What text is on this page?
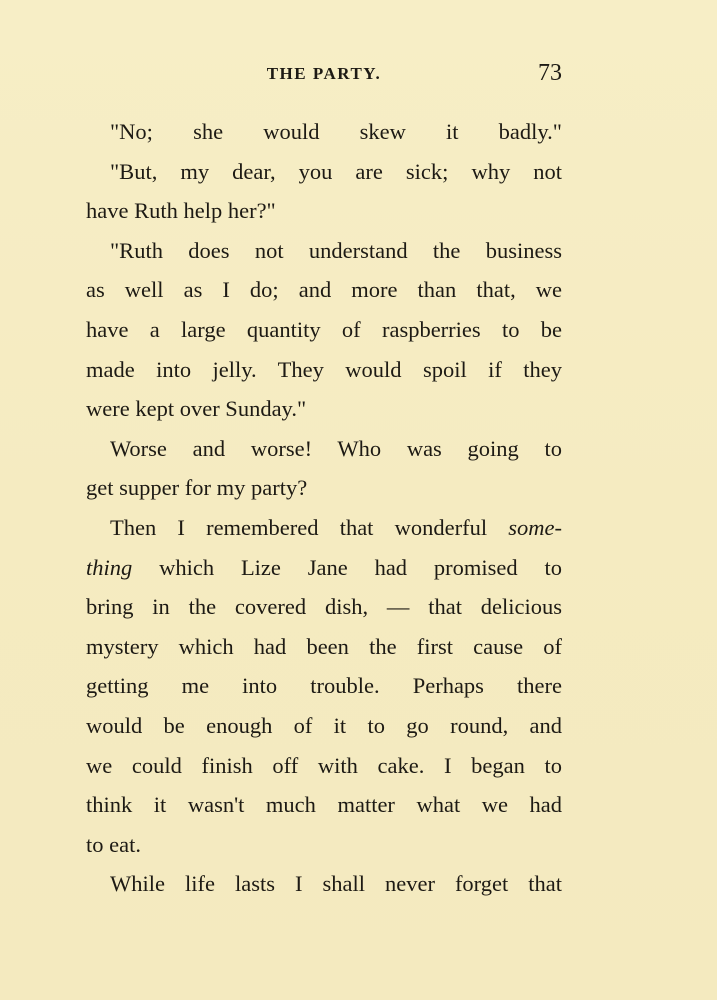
THE PARTY.	73
"No; she would skew it badly."
"But, my dear, you are sick; why not
have Ruth help her?"
"Ruth does not understand the business
as well as I do; and more than that, we
have a large quantity of raspberries to be
made into jelly. They would spoil if they
were kept over Sunday."
Worse and worse! Who was going to
get supper for my party?
Then I remembered that wonderful some-
thing which Lize Jane had promised to
bring in the covered dish, — that delicious
mystery which had been the first cause of
getting me into trouble. Perhaps there
would be enough of it to go round, and
we could finish off with cake. I began to
think it wasn't much matter what we had
to eat.
While life lasts I shall never forget that
